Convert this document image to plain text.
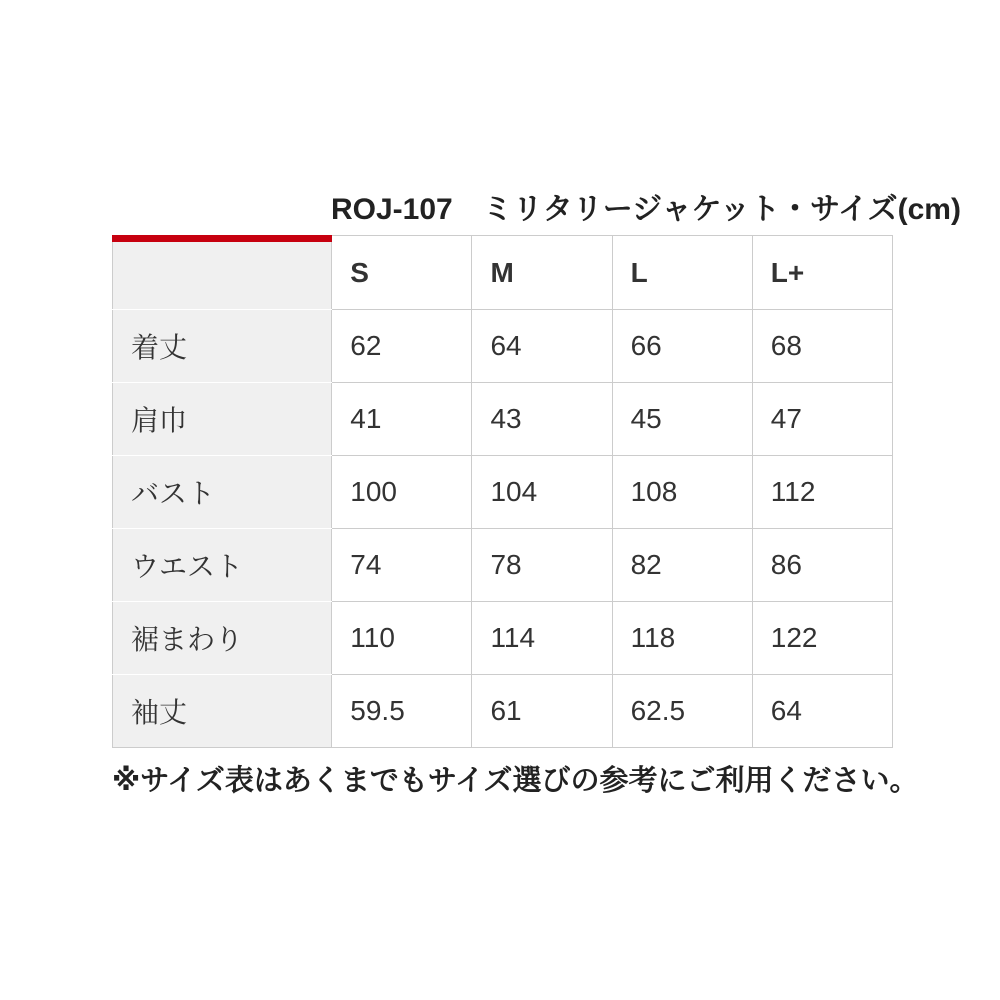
ROJ-107　ミリタリージャケット・サイズ(cm)
	S	M	L	L+
着丈	62	64	66	68
肩巾	41	43	45	47
バスト	100	104	108	112
ウエスト	74	78	82	86
裾まわり	110	114	118	122
袖丈	59.5	61	62.5	64
※サイズ表はあくまでもサイズ選びの参考にご利用ください。
